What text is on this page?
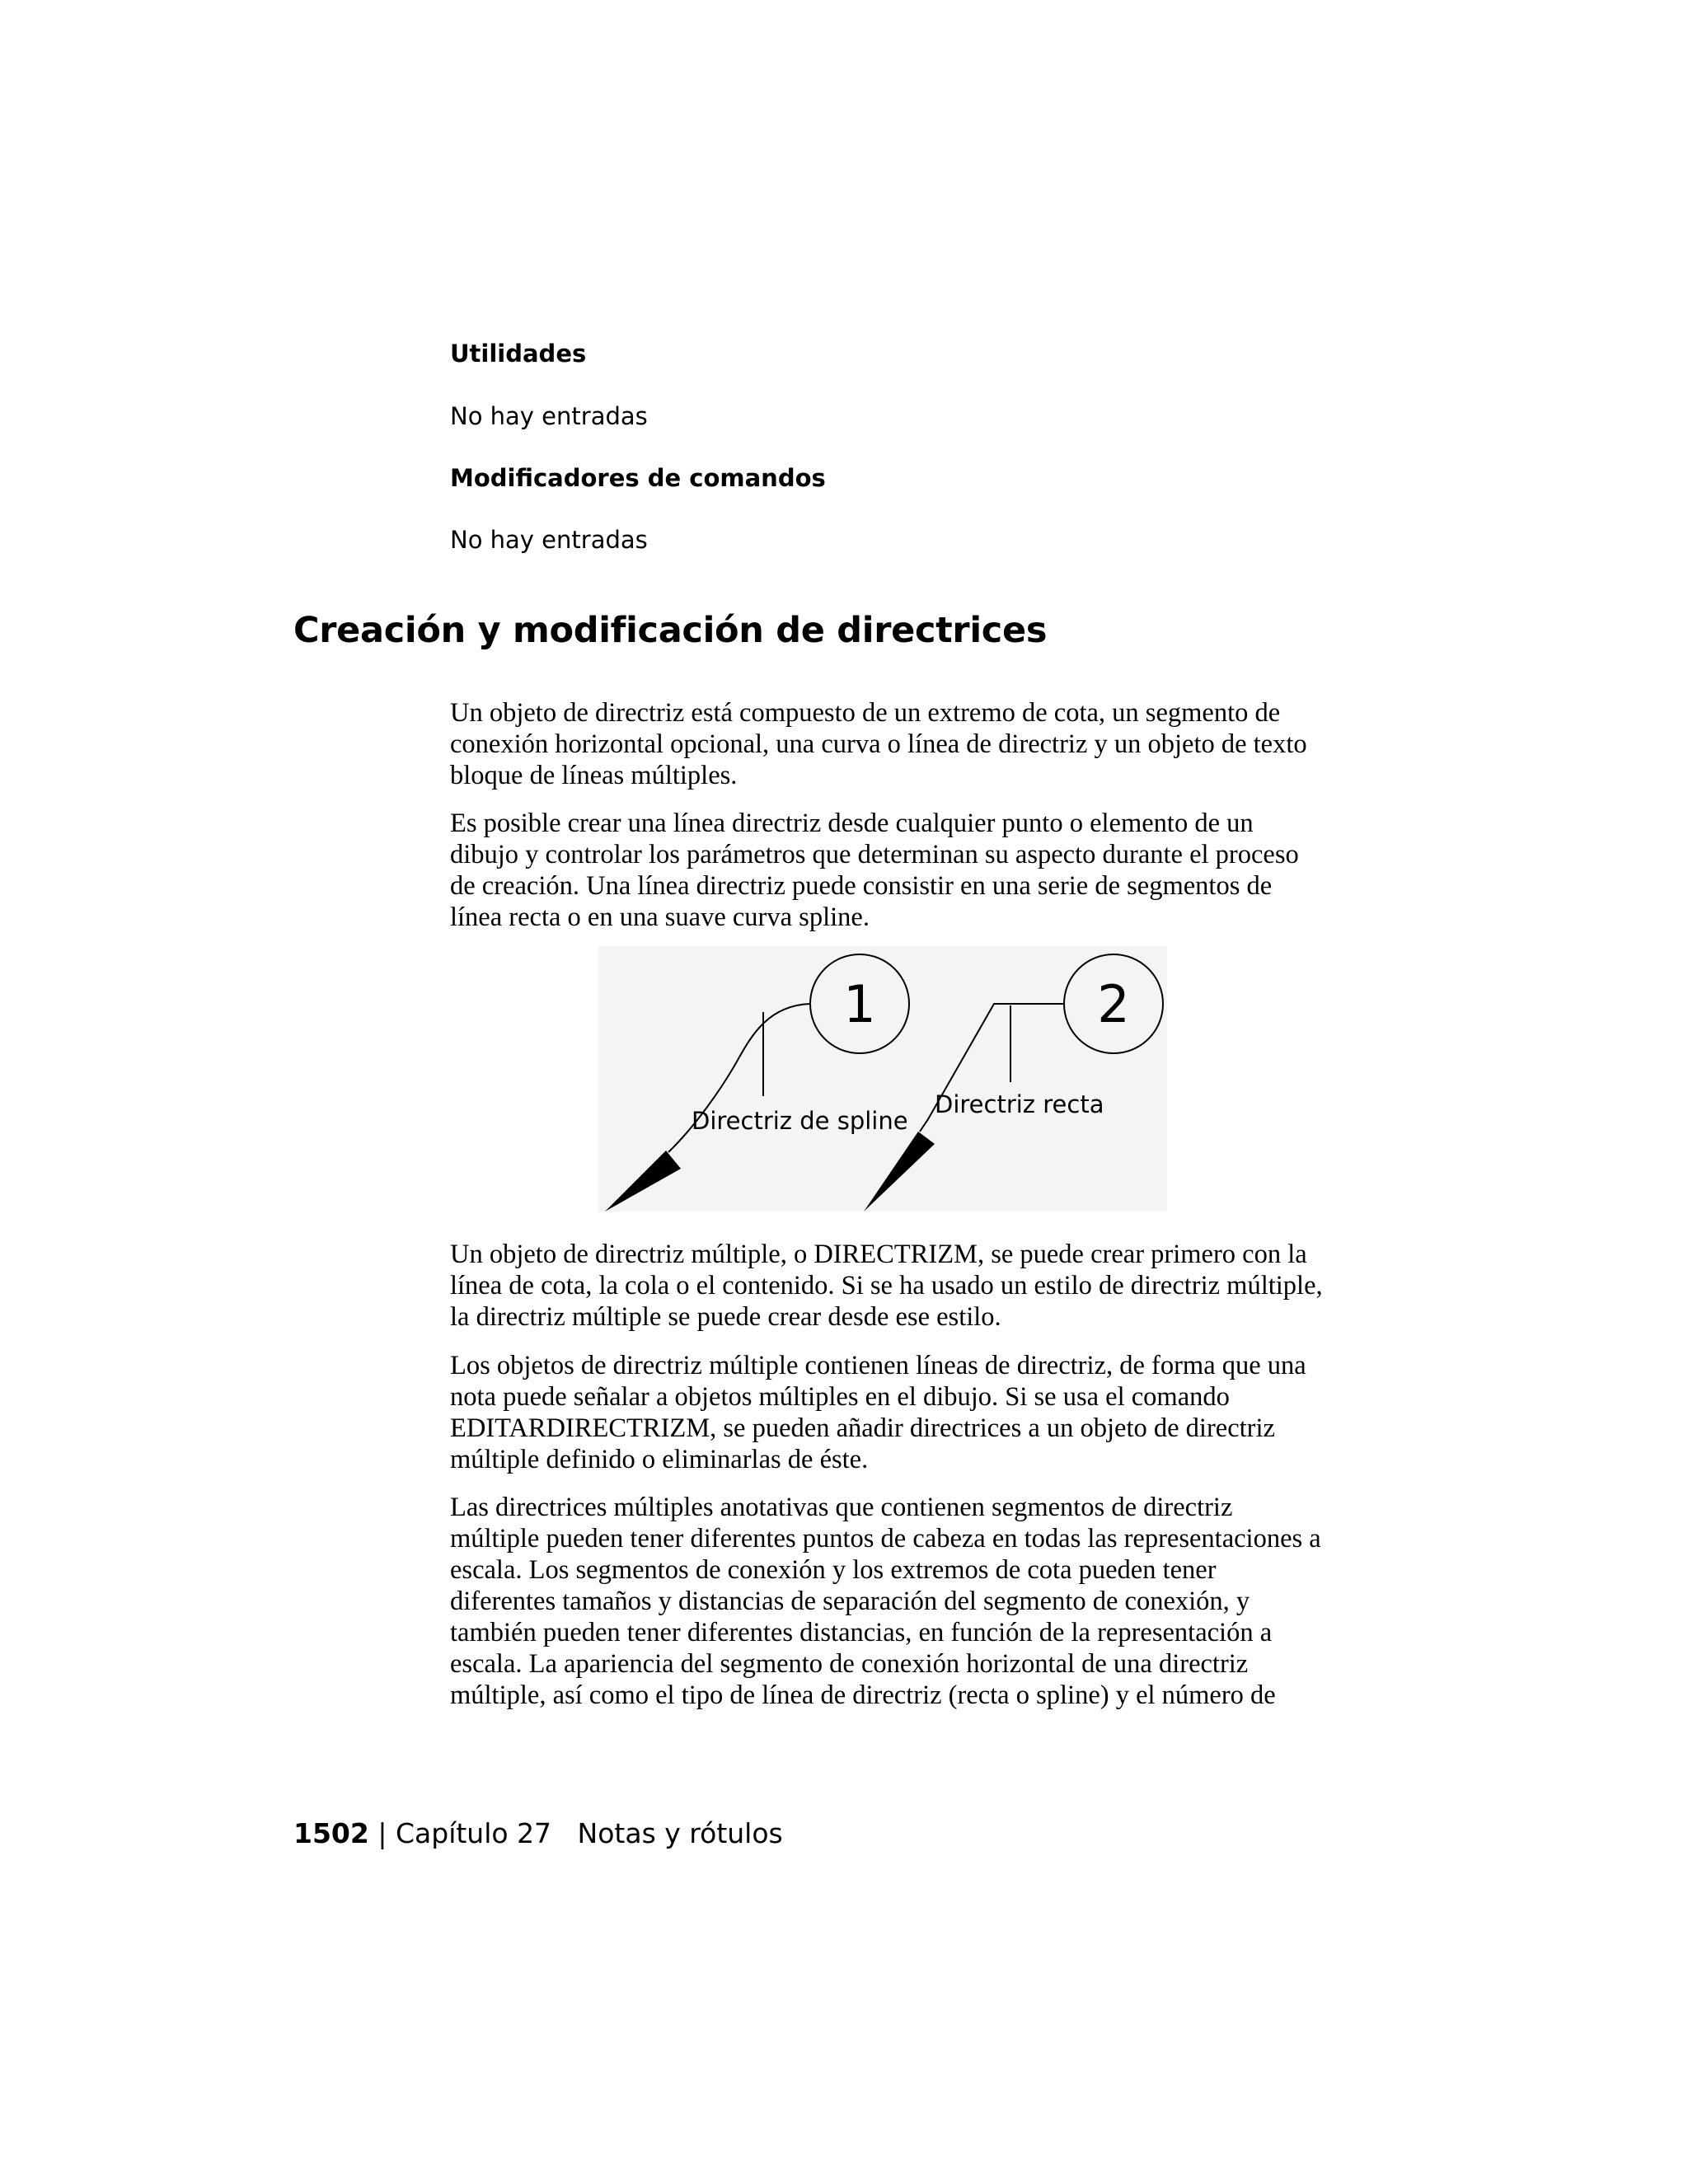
Utilidades

No hay entradas

Modificadores de comandos

No hay entradas

Creación y modificación de directrices

Un objeto de directriz está compuesto de un extremo de cota, un segmento de conexión horizontal opcional, una curva o línea de directriz y un objeto de texto bloque de líneas múltiples.

Es posible crear una línea directriz desde cualquier punto o elemento de un dibujo y controlar los parámetros que determinan su aspecto durante el proceso de creación. Una línea directriz puede consistir en una serie de segmentos de línea recta o en una suave curva spline.

1
Directriz de spline
2
Directriz recta

Un objeto de directriz múltiple, o DIRECTRIZM, se puede crear primero con la línea de cota, la cola o el contenido. Si se ha usado un estilo de directriz múltiple, la directriz múltiple se puede crear desde ese estilo.

Los objetos de directriz múltiple contienen líneas de directriz, de forma que una nota puede señalar a objetos múltiples en el dibujo. Si se usa el comando EDITARDIRECTRIZM, se pueden añadir directrices a un objeto de directriz múltiple definido o eliminarlas de éste.

Las directrices múltiples anotativas que contienen segmentos de directriz múltiple pueden tener diferentes puntos de cabeza en todas las representaciones a escala. Los segmentos de conexión y los extremos de cota pueden tener diferentes tamaños y distancias de separación del segmento de conexión, y también pueden tener diferentes distancias, en función de la representación a escala. La apariencia del segmento de conexión horizontal de una directriz múltiple, así como el tipo de línea de directriz (recta o spline) y el número de

1502 | Capítulo 27 Notas y rótulos
